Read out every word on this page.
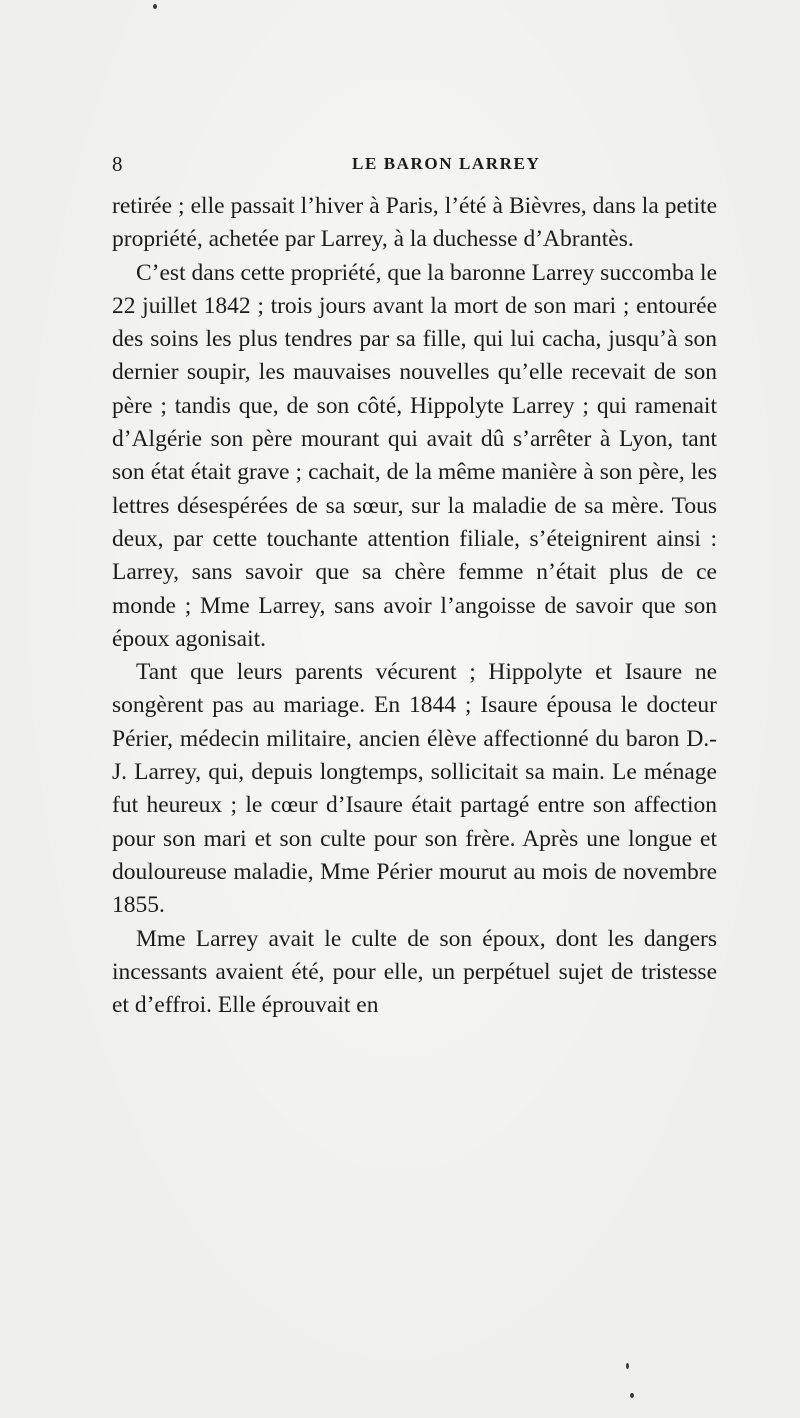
8	LE BARON LARREY

retirée ; elle passait l’hiver à Paris, l’été à Bièvres, dans la petite propriété, achetée par Larrey, à la duchesse d’Abrantès.

C’est dans cette propriété, que la baronne Larrey succomba le 22 juillet 1842 ; trois jours avant la mort de son mari ; entourée des soins les plus tendres par sa fille, qui lui cacha, jusqu’à son dernier soupir, les mauvaises nouvelles qu’elle recevait de son père ; tandis que, de son côté, Hippolyte Larrey ; qui ramenait d’Algérie son père mourant qui avait dû s’arrêter à Lyon, tant son état était grave ; cachait, de la même manière à son père, les lettres désespérées de sa sœur, sur la maladie de sa mère. Tous deux, par cette touchante attention filiale, s’éteignirent ainsi : Larrey, sans savoir que sa chère femme n’était plus de ce monde ; Mme Larrey, sans avoir l’angoisse de savoir que son époux agonisait.

Tant que leurs parents vécurent ; Hippolyte et Isaure ne songèrent pas au mariage. En 1844 ; Isaure épousa le docteur Périer, médecin militaire, ancien élève affectionné du baron D.-J. Larrey, qui, depuis longtemps, sollicitait sa main. Le ménage fut heureux ; le cœur d’Isaure était partagé entre son affection pour son mari et son culte pour son frère. Après une longue et douloureuse maladie, Mme Périer mourut au mois de novembre 1855.

Mme Larrey avait le culte de son époux, dont les dangers incessants avaient été, pour elle, un perpétuel sujet de tristesse et d’effroi. Elle éprouvait en
